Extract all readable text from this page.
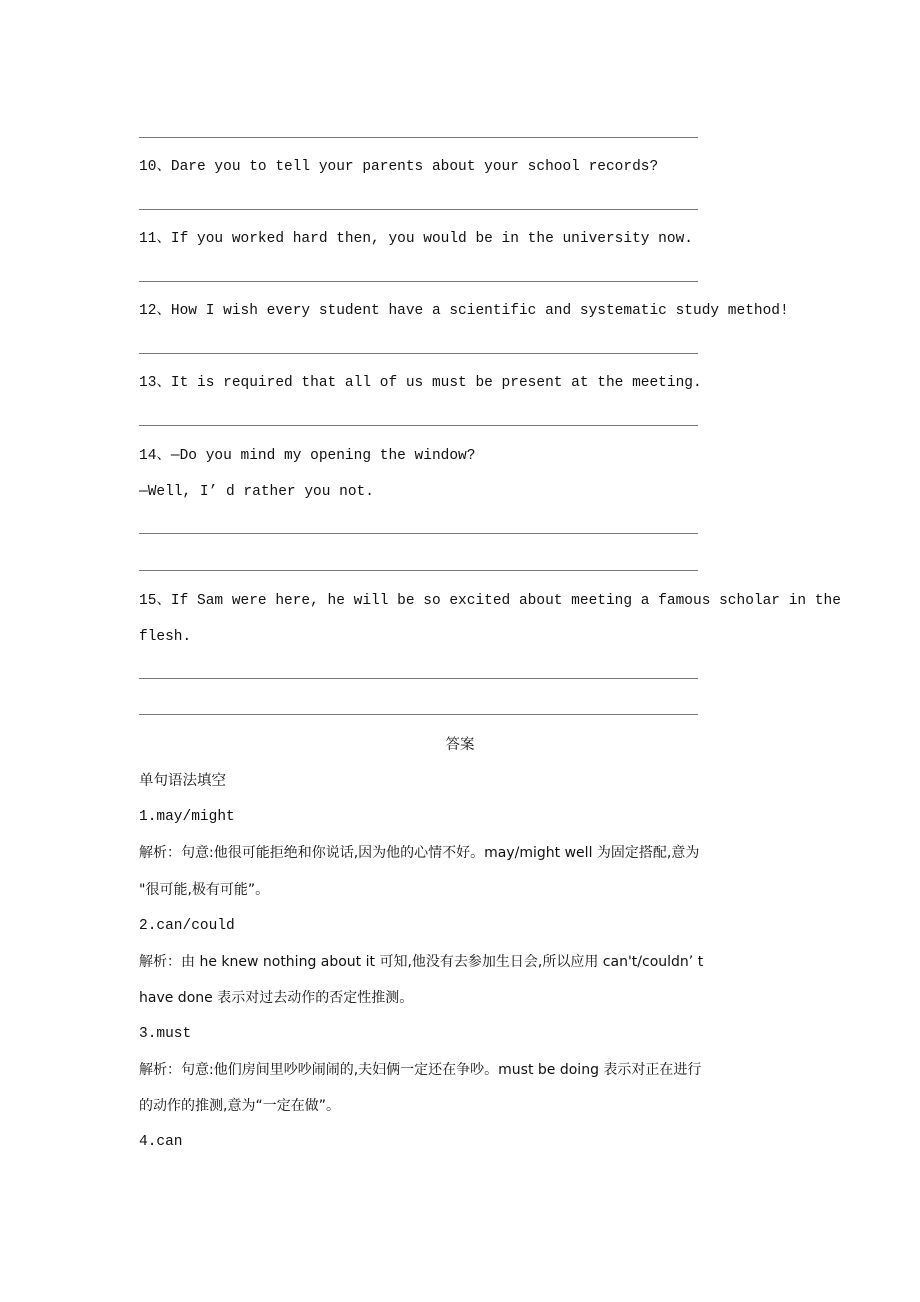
10、Dare you to tell your parents about your school records?
11、If you worked hard then, you would be in the university now.
12、How I wish every student have a scientific and systematic study method!
13、It is required that all of us must be present at the meeting.
14、—Do you mind my opening the window?
—Well, I’ d rather you not.
15、If Sam were here, he will be so excited about meeting a famous scholar in the
flesh.
答案
单句语法填空
1.may/might
解析：句意:他很可能拒绝和你说话,因为他的心情不好。may/might well 为固定搭配,意为
"很可能,极有可能”。
2.can/could
解析：由 he knew nothing about it 可知,他没有去参加生日会,所以应用 can't/couldn’ t
have done 表示对过去动作的否定性推测。
3.must
解析：句意:他们房间里吵吵闹闹的,夫妇俩一定还在争吵。must be doing 表示对正在进行
的动作的推测,意为“一定在做”。
4.can
